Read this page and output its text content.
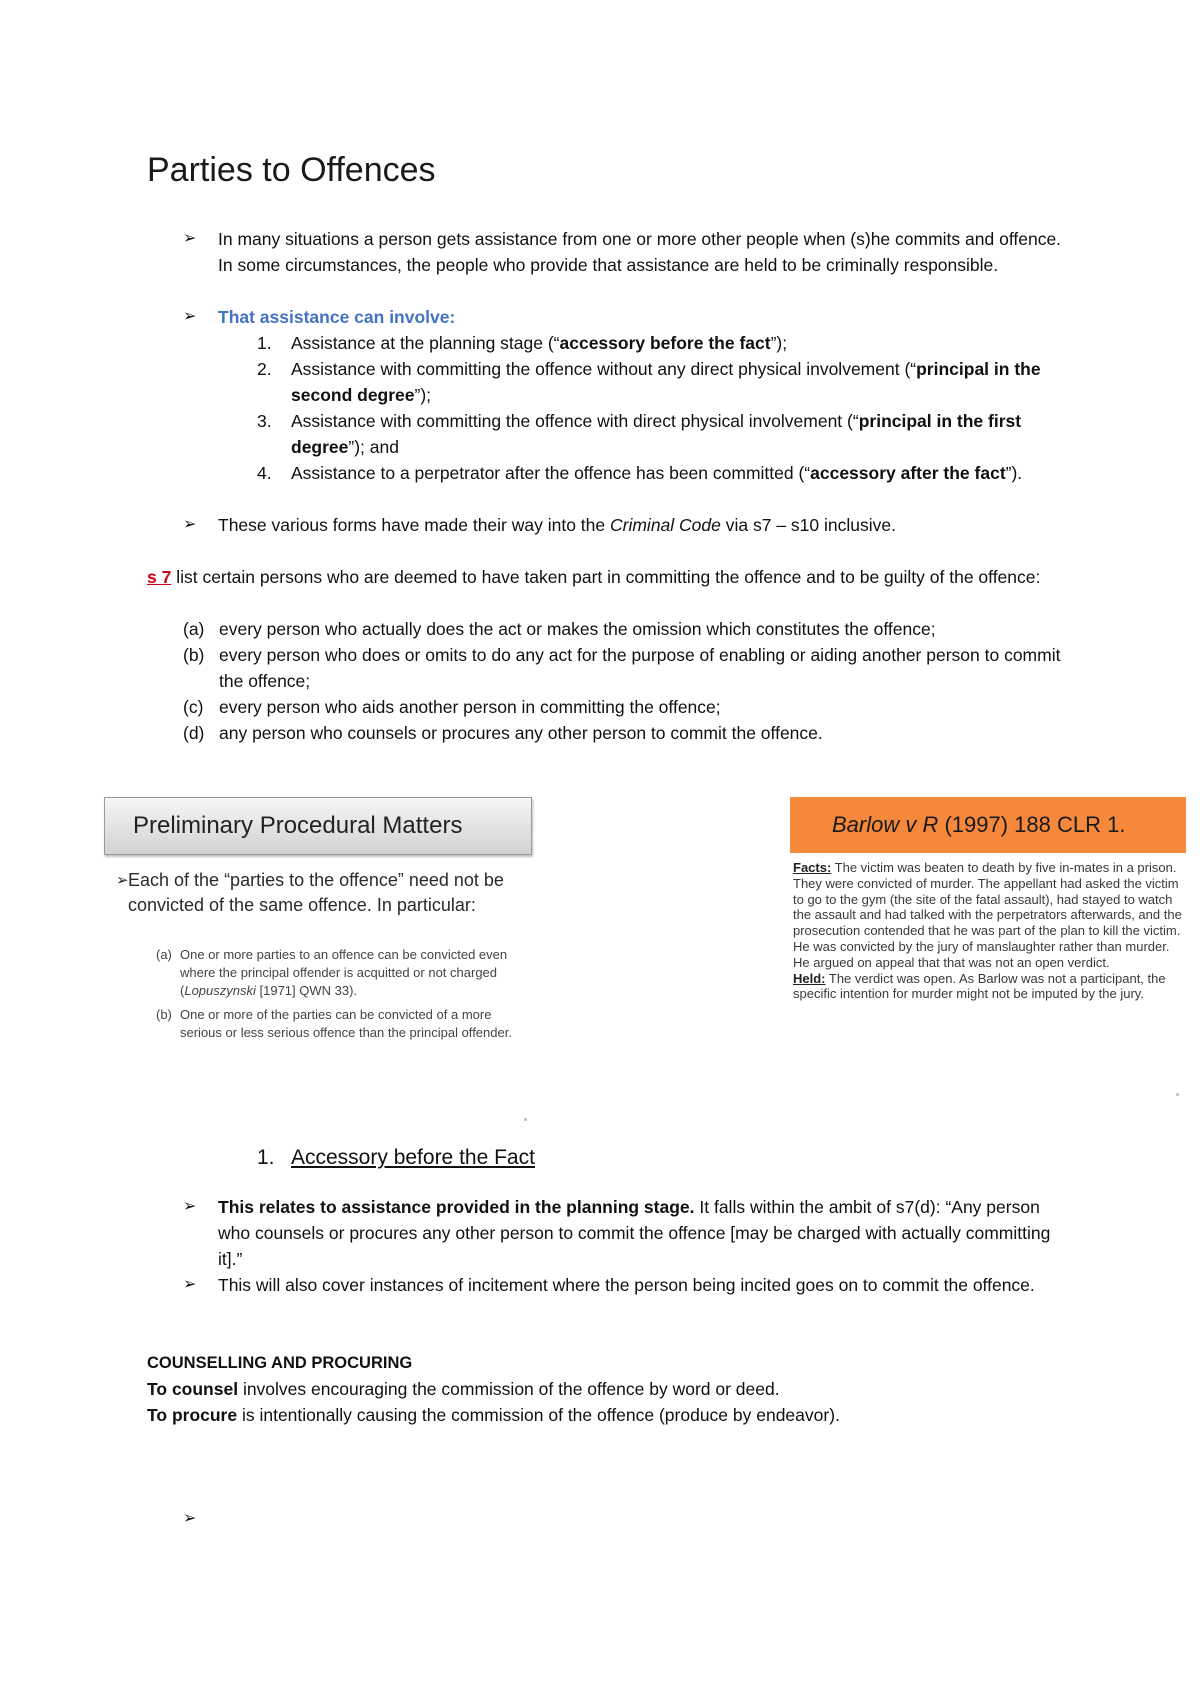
Parties to Offences
➢	In many situations a person gets assistance from one or more other people when (s)he commits and offence. In some circumstances, the people who provide that assistance are held to be criminally responsible.
➢	That assistance can involve:
1.	Assistance at the planning stage (“accessory before the fact”);
2.	Assistance with committing the offence without any direct physical involvement (“principal in the second degree”);
3.	Assistance with committing the offence with direct physical involvement (“principal in the first degree”); and
4.	Assistance to a perpetrator after the offence has been committed (“accessory after the fact”).
➢	These various forms have made their way into the Criminal Code via s7 – s10 inclusive.
s 7 list certain persons who are deemed to have taken part in committing the offence and to be guilty of the offence:
(a) every person who actually does the act or makes the omission which constitutes the offence;
(b) every person who does or omits to do any act for the purpose of enabling or aiding another person to commit the offence;
(c) every person who aids another person in committing the offence;
(d) any person who counsels or procures any other person to commit the offence.
Preliminary Procedural Matters
➢ Each of the “parties to the offence” need not be convicted of the same offence. In particular:
(a) One or more parties to an offence can be convicted even where the principal offender is acquitted or not charged (Lopuszynski [1971] QWN 33).
(b) One or more of the parties can be convicted of a more serious or less serious offence than the principal offender.
Barlow v R (1997) 188 CLR 1.
Facts: The victim was beaten to death by five in-mates in a prison. They were convicted of murder. The appellant had asked the victim to go to the gym (the site of the fatal assault), had stayed to watch the assault and had talked with the perpetrators afterwards, and the prosecution contended that he was part of the plan to kill the victim. He was convicted by the jury of manslaughter rather than murder. He argued on appeal that that was not an open verdict.
Held: The verdict was open. As Barlow was not a participant, the specific intention for murder might not be imputed by the jury.
1. Accessory before the Fact
➢	This relates to assistance provided in the planning stage. It falls within the ambit of s7(d): “Any person who counsels or procures any other person to commit the offence [may be charged with actually committing it].”
➢	This will also cover instances of incitement where the person being incited goes on to commit the offence.
COUNSELLING AND PROCURING
To counsel involves encouraging the commission of the offence by word or deed.
To procure is intentionally causing the commission of the offence (produce by endeavor).
➢
